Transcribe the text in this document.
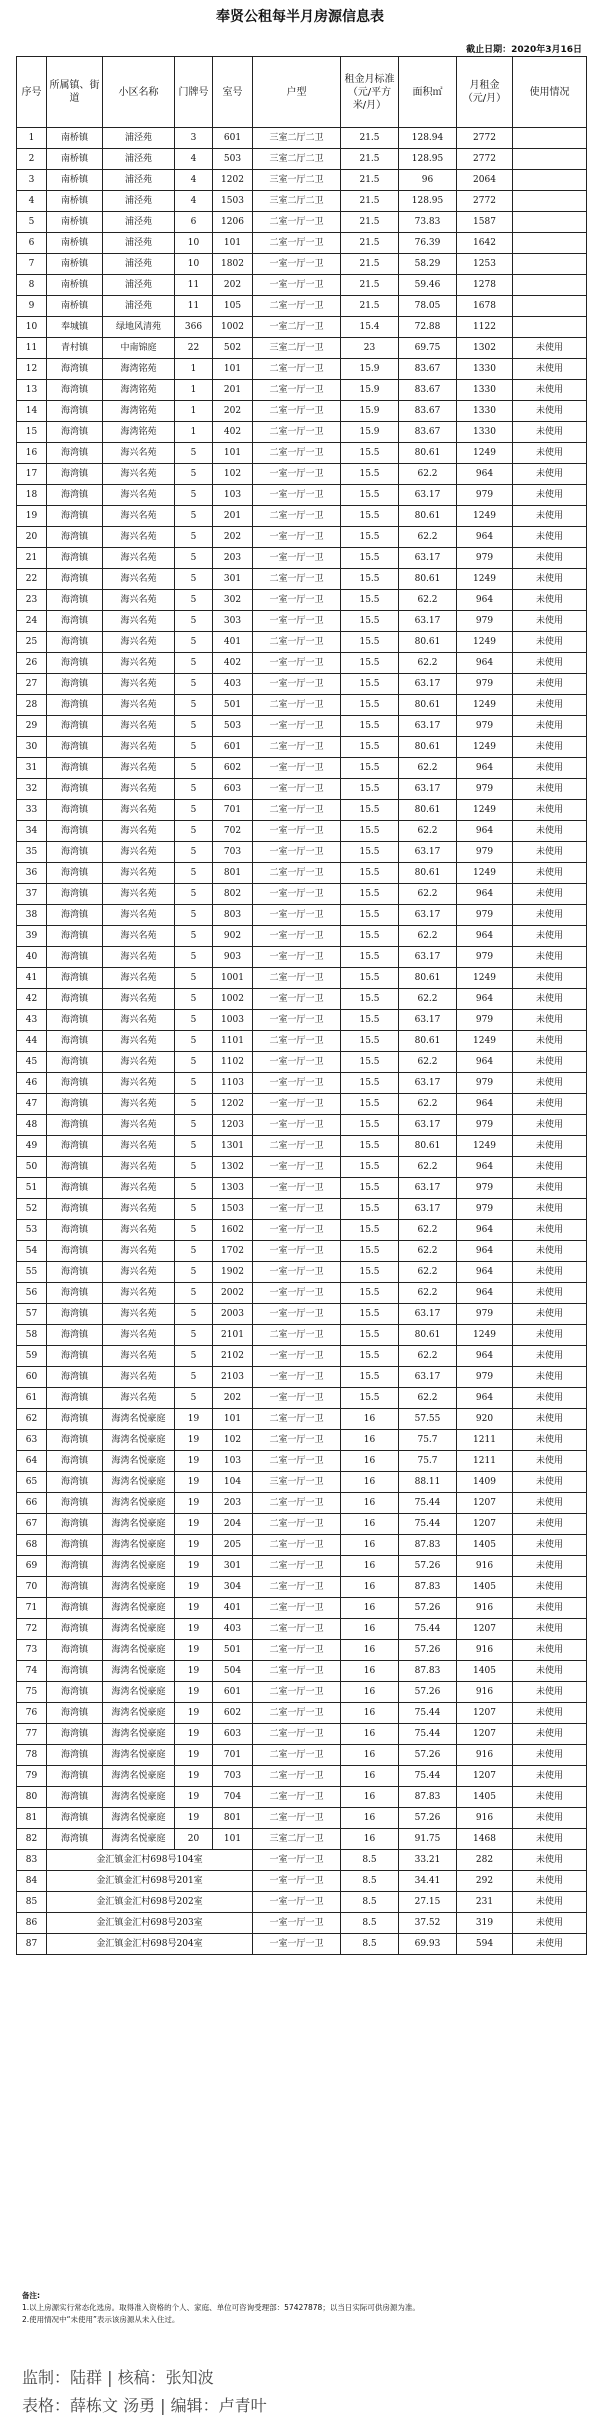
奉贤公租每半月房源信息表
截止日期：2020年3月16日
序号	所属镇、街道	小区名称	门牌号	室号	户型	租金月标准（元/平方米/月）	面积㎡	月租金（元/月）	使用情况
1	南桥镇	浦泾苑	3	601	三室二厅二卫	21.5	128.94	2772	
2	南桥镇	浦泾苑	4	503	三室二厅二卫	21.5	128.95	2772	
3	南桥镇	浦泾苑	4	1202	三室一厅二卫	21.5	96	2064	
4	南桥镇	浦泾苑	4	1503	三室二厅二卫	21.5	128.95	2772	
5	南桥镇	浦泾苑	6	1206	二室一厅一卫	21.5	73.83	1587	
6	南桥镇	浦泾苑	10	101	二室一厅一卫	21.5	76.39	1642	
7	南桥镇	浦泾苑	10	1802	一室一厅一卫	21.5	58.29	1253	
8	南桥镇	浦泾苑	11	202	一室一厅一卫	21.5	59.46	1278	
9	南桥镇	浦泾苑	11	105	二室一厅一卫	21.5	78.05	1678	
10	奉城镇	绿地风清苑	366	1002	一室二厅一卫	15.4	72.88	1122	
11	青村镇	中南锦庭	22	502	三室二厅一卫	23	69.75	1302	未使用
12	海湾镇	海湾铭苑	1	101	二室一厅一卫	15.9	83.67	1330	未使用
13	海湾镇	海湾铭苑	1	201	二室一厅一卫	15.9	83.67	1330	未使用
14	海湾镇	海湾铭苑	1	202	二室一厅一卫	15.9	83.67	1330	未使用
15	海湾镇	海湾铭苑	1	402	二室一厅一卫	15.9	83.67	1330	未使用
16	海湾镇	海兴名苑	5	101	二室一厅一卫	15.5	80.61	1249	未使用
17	海湾镇	海兴名苑	5	102	一室一厅一卫	15.5	62.2	964	未使用
18	海湾镇	海兴名苑	5	103	一室一厅一卫	15.5	63.17	979	未使用
19	海湾镇	海兴名苑	5	201	二室一厅一卫	15.5	80.61	1249	未使用
20	海湾镇	海兴名苑	5	202	一室一厅一卫	15.5	62.2	964	未使用
21	海湾镇	海兴名苑	5	203	一室一厅一卫	15.5	63.17	979	未使用
22	海湾镇	海兴名苑	5	301	二室一厅一卫	15.5	80.61	1249	未使用
23	海湾镇	海兴名苑	5	302	一室一厅一卫	15.5	62.2	964	未使用
24	海湾镇	海兴名苑	5	303	一室一厅一卫	15.5	63.17	979	未使用
25	海湾镇	海兴名苑	5	401	二室一厅一卫	15.5	80.61	1249	未使用
26	海湾镇	海兴名苑	5	402	一室一厅一卫	15.5	62.2	964	未使用
27	海湾镇	海兴名苑	5	403	一室一厅一卫	15.5	63.17	979	未使用
28	海湾镇	海兴名苑	5	501	二室一厅一卫	15.5	80.61	1249	未使用
29	海湾镇	海兴名苑	5	503	一室一厅一卫	15.5	63.17	979	未使用
30	海湾镇	海兴名苑	5	601	二室一厅一卫	15.5	80.61	1249	未使用
31	海湾镇	海兴名苑	5	602	一室一厅一卫	15.5	62.2	964	未使用
32	海湾镇	海兴名苑	5	603	一室一厅一卫	15.5	63.17	979	未使用
33	海湾镇	海兴名苑	5	701	二室一厅一卫	15.5	80.61	1249	未使用
34	海湾镇	海兴名苑	5	702	一室一厅一卫	15.5	62.2	964	未使用
35	海湾镇	海兴名苑	5	703	一室一厅一卫	15.5	63.17	979	未使用
36	海湾镇	海兴名苑	5	801	二室一厅一卫	15.5	80.61	1249	未使用
37	海湾镇	海兴名苑	5	802	一室一厅一卫	15.5	62.2	964	未使用
38	海湾镇	海兴名苑	5	803	一室一厅一卫	15.5	63.17	979	未使用
39	海湾镇	海兴名苑	5	902	一室一厅一卫	15.5	62.2	964	未使用
40	海湾镇	海兴名苑	5	903	一室一厅一卫	15.5	63.17	979	未使用
41	海湾镇	海兴名苑	5	1001	二室一厅一卫	15.5	80.61	1249	未使用
42	海湾镇	海兴名苑	5	1002	一室一厅一卫	15.5	62.2	964	未使用
43	海湾镇	海兴名苑	5	1003	一室一厅一卫	15.5	63.17	979	未使用
44	海湾镇	海兴名苑	5	1101	二室一厅一卫	15.5	80.61	1249	未使用
45	海湾镇	海兴名苑	5	1102	一室一厅一卫	15.5	62.2	964	未使用
46	海湾镇	海兴名苑	5	1103	一室一厅一卫	15.5	63.17	979	未使用
47	海湾镇	海兴名苑	5	1202	一室一厅一卫	15.5	62.2	964	未使用
48	海湾镇	海兴名苑	5	1203	一室一厅一卫	15.5	63.17	979	未使用
49	海湾镇	海兴名苑	5	1301	二室一厅一卫	15.5	80.61	1249	未使用
50	海湾镇	海兴名苑	5	1302	一室一厅一卫	15.5	62.2	964	未使用
51	海湾镇	海兴名苑	5	1303	一室一厅一卫	15.5	63.17	979	未使用
52	海湾镇	海兴名苑	5	1503	一室一厅一卫	15.5	63.17	979	未使用
53	海湾镇	海兴名苑	5	1602	一室一厅一卫	15.5	62.2	964	未使用
54	海湾镇	海兴名苑	5	1702	一室一厅一卫	15.5	62.2	964	未使用
55	海湾镇	海兴名苑	5	1902	一室一厅一卫	15.5	62.2	964	未使用
56	海湾镇	海兴名苑	5	2002	一室一厅一卫	15.5	62.2	964	未使用
57	海湾镇	海兴名苑	5	2003	一室一厅一卫	15.5	63.17	979	未使用
58	海湾镇	海兴名苑	5	2101	二室一厅一卫	15.5	80.61	1249	未使用
59	海湾镇	海兴名苑	5	2102	一室一厅一卫	15.5	62.2	964	未使用
60	海湾镇	海兴名苑	5	2103	一室一厅一卫	15.5	63.17	979	未使用
61	海湾镇	海兴名苑	5	202	一室一厅一卫	15.5	62.2	964	未使用
62	海湾镇	海湾名悦豪庭	19	101	二室一厅一卫	16	57.55	920	未使用
63	海湾镇	海湾名悦豪庭	19	102	二室一厅一卫	16	75.7	1211	未使用
64	海湾镇	海湾名悦豪庭	19	103	二室一厅一卫	16	75.7	1211	未使用
65	海湾镇	海湾名悦豪庭	19	104	三室一厅一卫	16	88.11	1409	未使用
66	海湾镇	海湾名悦豪庭	19	203	二室一厅一卫	16	75.44	1207	未使用
67	海湾镇	海湾名悦豪庭	19	204	二室一厅一卫	16	75.44	1207	未使用
68	海湾镇	海湾名悦豪庭	19	205	二室一厅一卫	16	87.83	1405	未使用
69	海湾镇	海湾名悦豪庭	19	301	二室一厅一卫	16	57.26	916	未使用
70	海湾镇	海湾名悦豪庭	19	304	二室一厅一卫	16	87.83	1405	未使用
71	海湾镇	海湾名悦豪庭	19	401	二室一厅一卫	16	57.26	916	未使用
72	海湾镇	海湾名悦豪庭	19	403	二室一厅一卫	16	75.44	1207	未使用
73	海湾镇	海湾名悦豪庭	19	501	二室一厅一卫	16	57.26	916	未使用
74	海湾镇	海湾名悦豪庭	19	504	二室一厅一卫	16	87.83	1405	未使用
75	海湾镇	海湾名悦豪庭	19	601	二室一厅一卫	16	57.26	916	未使用
76	海湾镇	海湾名悦豪庭	19	602	二室一厅一卫	16	75.44	1207	未使用
77	海湾镇	海湾名悦豪庭	19	603	二室一厅一卫	16	75.44	1207	未使用
78	海湾镇	海湾名悦豪庭	19	701	二室一厅一卫	16	57.26	916	未使用
79	海湾镇	海湾名悦豪庭	19	703	二室一厅一卫	16	75.44	1207	未使用
80	海湾镇	海湾名悦豪庭	19	704	二室一厅一卫	16	87.83	1405	未使用
81	海湾镇	海湾名悦豪庭	19	801	二室一厅一卫	16	57.26	916	未使用
82	海湾镇	海湾名悦豪庭	20	101	三室二厅一卫	16	91.75	1468	未使用
83	金汇镇金汇村698号104室				一室一厅一卫	8.5	33.21	282	未使用
84	金汇镇金汇村698号201室				一室一厅一卫	8.5	34.41	292	未使用
85	金汇镇金汇村698号202室				一室一厅一卫	8.5	27.15	231	未使用
86	金汇镇金汇村698号203室				一室一厅一卫	8.5	37.52	319	未使用
87	金汇镇金汇村698号204室				一室一厅一卫	8.5	69.93	594	未使用
备注:
1.以上房源实行常态化选房。取得准入资格的个人、家庭、单位可咨询受理部：57427878；以当日实际可供房源为准。
2.使用情况中“未使用”表示该房源从未入住过。
监制：陆群 | 核稿：张知波
表格：薛栋文 汤勇 | 编辑：卢青叶
